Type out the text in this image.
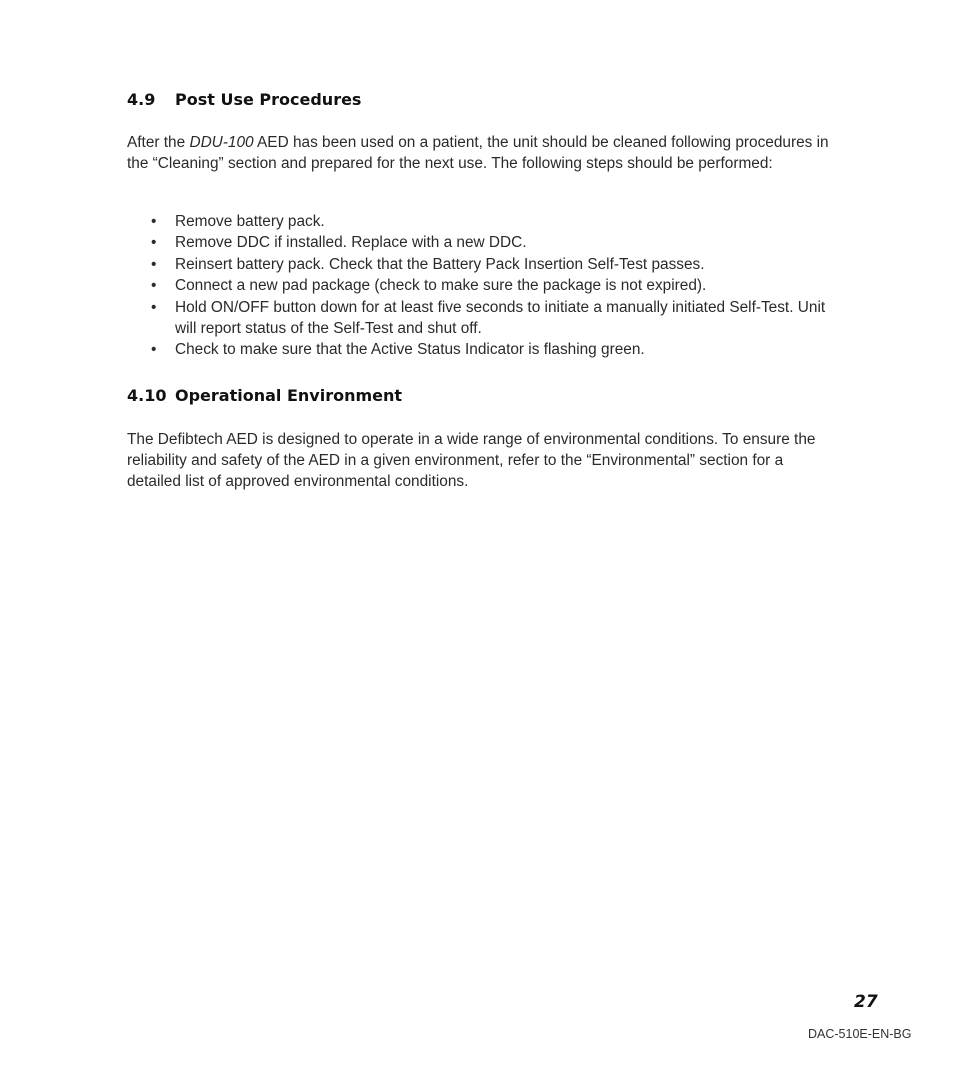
4.9 Post Use Procedures
After the DDU-100 AED has been used on a patient, the unit should be cleaned following procedures in the “Cleaning” section and prepared for the next use. The following steps should be performed:
• Remove battery pack.
• Remove DDC if installed. Replace with a new DDC.
• Reinsert battery pack. Check that the Battery Pack Insertion Self-Test passes.
• Connect a new pad package (check to make sure the package is not expired).
• Hold ON/OFF button down for at least five seconds to initiate a manually initiated Self-Test. Unit will report status of the Self-Test and shut off.
• Check to make sure that the Active Status Indicator is flashing green.
4.10 Operational Environment
The Defibtech AED is designed to operate in a wide range of environmental conditions. To ensure the reliability and safety of the AED in a given environment, refer to the “Environmental” section for a detailed list of approved environmental conditions.
27
DAC-510E-EN-BG
